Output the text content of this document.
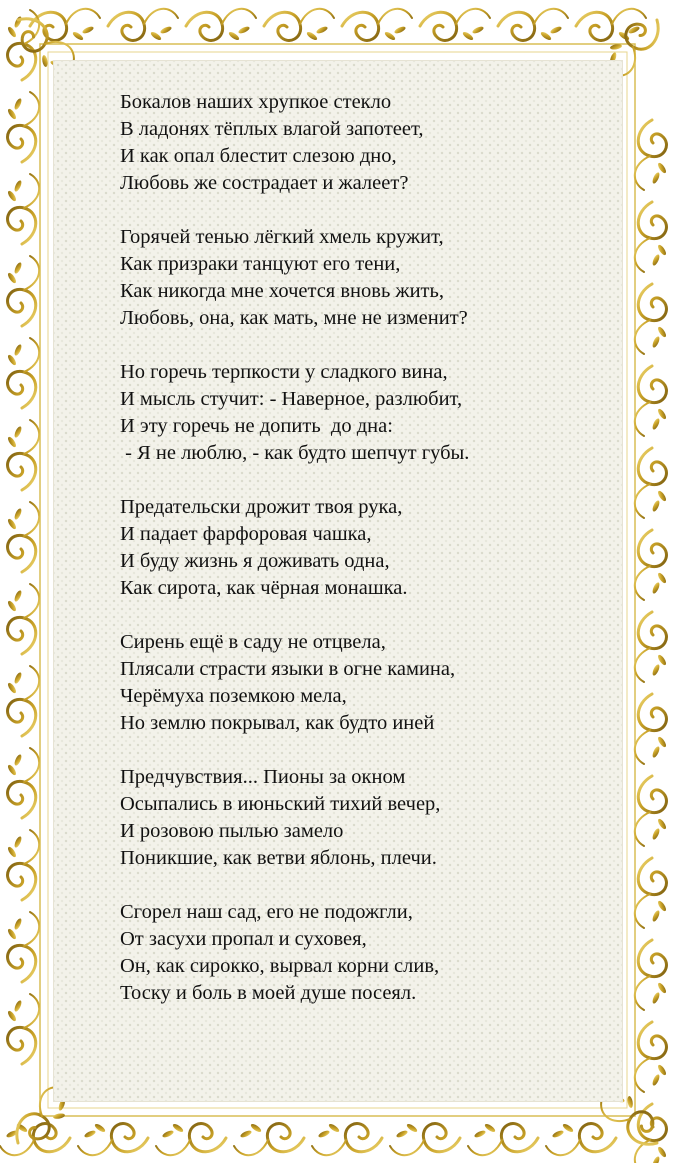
Бокалов наших хрупкое стекло
В ладонях тёплых влагой запотеет,
И как опал блестит слезою дно,
Любовь же сострадает и жалеет?
Горячей тенью лёгкий хмель кружит,
Как призраки танцуют его тени,
Как никогда мне хочется вновь жить,
Любовь, она, как мать, мне не изменит?
Но горечь терпкости у сладкого вина,
И мысль стучит: - Наверное, разлюбит,
И эту горечь не допить  до дна:
- Я не люблю, - как будто шепчут губы.
Предательски дрожит твоя рука,
И падает фарфоровая чашка,
И буду жизнь я доживать одна,
Как сирота, как чёрная монашка.
Сирень ещё в саду не отцвела,
Плясали страсти языки в огне камина,
Черёмуха поземкою мела,
Но землю покрывал, как будто иней
Предчувствия... Пионы за окном
Осыпались в июньский тихий вечер,
И розовою пылью замело
Поникшие, как ветви яблонь, плечи.
Сгорел наш сад, его не подожгли,
От засухи пропал и суховея,
Он, как сирокко, вырвал корни слив,
Тоску и боль в моей душе посеял.
